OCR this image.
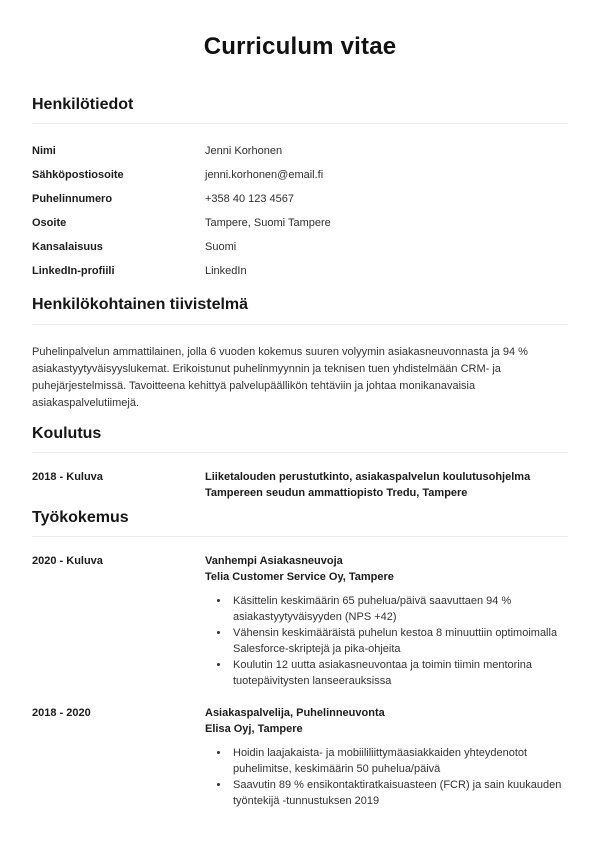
Curriculum vitae
Henkilötiedot
Nimi	Jenni Korhonen
Sähköpostiosoite	jenni.korhonen@email.fi
Puhelinnumero	+358 40 123 4567
Osoite	Tampere, Suomi Tampere
Kansalaisuus	Suomi
LinkedIn-profiili	LinkedIn
Henkilökohtainen tiivistelmä

Puhelinpalvelun ammattilainen, jolla 6 vuoden kokemus suuren volyymin asiakasneuvonnasta ja 94 % asiakastyytyväisyyslukemat. Erikoistunut puhelinmyynnin ja teknisen tuen yhdistelmään CRM- ja puhejärjestelmissä. Tavoitteena kehittyä palvelupäällikön tehtäviin ja johtaa monikanavaisia asiakaspalvelutiimejä.

Koulutus
2018 - Kuluva	Liiketalouden perustutkinto, asiakaspalvelun koulutusohjelma
Tampereen seudun ammattiopisto Tredu, Tampere
Työkokemus
2020 - Kuluva	Vanhempi Asiakasneuvoja
Telia Customer Service Oy, Tampere
• Käsittelin keskimäärin 65 puhelua/päivä saavuttaen 94 % asiakastyytyväisyyden (NPS +42)
• Vähensin keskimääräistä puhelun kestoa 8 minuuttiin optimoimalla Salesforce-skriptejä ja pika-ohjeita
• Koulutin 12 uutta asiakasneuvontaa ja toimin tiimin mentorina tuotepäivitysten lanseerauksissa
2018 - 2020	Asiakaspalvelija, Puhelinneuvonta
Elisa Oyj, Tampere
• Hoidin laajakaista- ja mobiililiittymäasiakkaiden yhteydenotot puhelimitse, keskimäärin 50 puhelua/päivä
• Saavutin 89 % ensikontaktiratkaisuasteen (FCR) ja sain kuukauden työntekijä -tunnustuksen 2019
